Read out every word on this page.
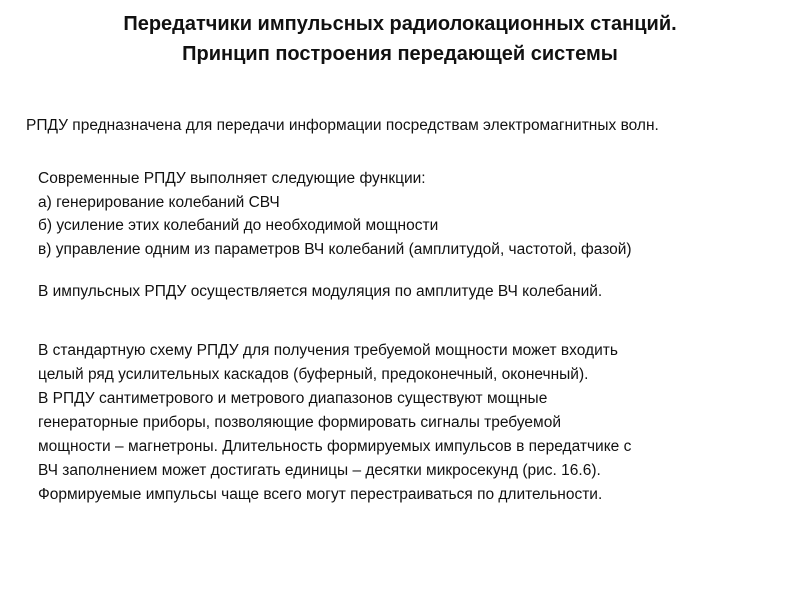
Передатчики импульсных радиолокационных станций.
Принцип построения передающей системы
РПДУ предназначена для передачи информации посредствам электромагнитных волн.
Современные РПДУ выполняет следующие функции:
а) генерирование колебаний СВЧ
б) усиление этих колебаний до необходимой мощности
в) управление одним из параметров ВЧ колебаний (амплитудой, частотой, фазой)
В импульсных РПДУ осуществляется модуляция по амплитуде ВЧ колебаний.
В стандартную схему РПДУ для получения требуемой мощности может входить
целый ряд усилительных каскадов (буферный, предоконечный, оконечный).
В РПДУ сантиметрового и метрового диапазонов существуют мощные
генераторные приборы, позволяющие формировать сигналы требуемой
мощности – магнетроны. Длительность формируемых импульсов в передатчике с
ВЧ заполнением может достигать единицы – десятки микросекунд (рис. 16.6).
Формируемые импульсы чаще всего могут перестраиваться по длительности.
